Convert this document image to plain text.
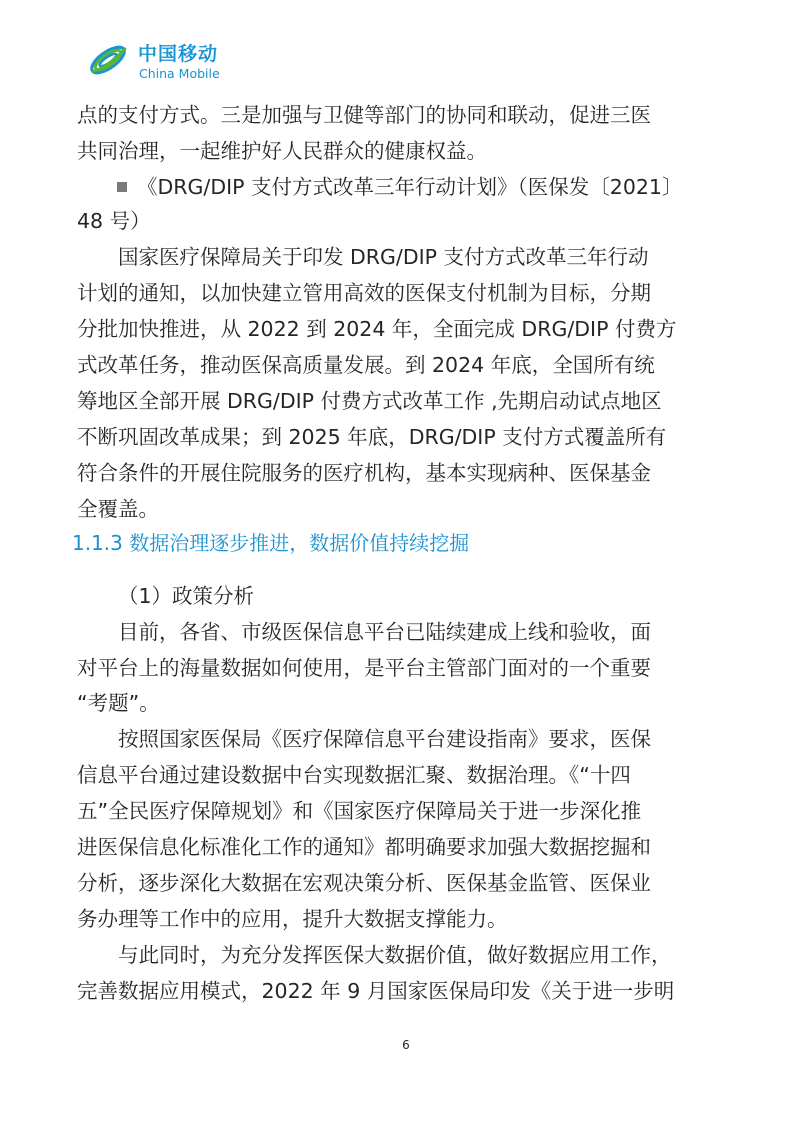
中国移动
China Mobile
点的支付方式。三是加强与卫健等部门的协同和联动，促进三医
共同治理，一起维护好人民群众的健康权益。
《DRG/DIP 支付方式改革三年行动计划》（医保发〔2021〕
48 号）
国家医疗保障局关于印发 DRG/DIP 支付方式改革三年行动
计划的通知，以加快建立管用高效的医保支付机制为目标，分期
分批加快推进，从 2022 到 2024 年，全面完成 DRG/DIP 付费方
式改革任务，推动医保高质量发展。到 2024 年底，全国所有统
筹地区全部开展 DRG/DIP 付费方式改革工作 ,先期启动试点地区
不断巩固改革成果；到 2025 年底，DRG/DIP 支付方式覆盖所有
符合条件的开展住院服务的医疗机构，基本实现病种、医保基金
全覆盖。
1.1.3 数据治理逐步推进，数据价值持续挖掘
（1）政策分析
目前，各省、市级医保信息平台已陆续建成上线和验收，面
对平台上的海量数据如何使用，是平台主管部门面对的一个重要
“考题”。
按照国家医保局《医疗保障信息平台建设指南》要求，医保
信息平台通过建设数据中台实现数据汇聚、数据治理。《“十四
五”全民医疗保障规划》和《国家医疗保障局关于进一步深化推
进医保信息化标准化工作的通知》都明确要求加强大数据挖掘和
分析，逐步深化大数据在宏观决策分析、医保基金监管、医保业
务办理等工作中的应用，提升大数据支撑能力。
与此同时，为充分发挥医保大数据价值，做好数据应用工作，
完善数据应用模式，2022 年 9 月国家医保局印发《关于进一步明
6
